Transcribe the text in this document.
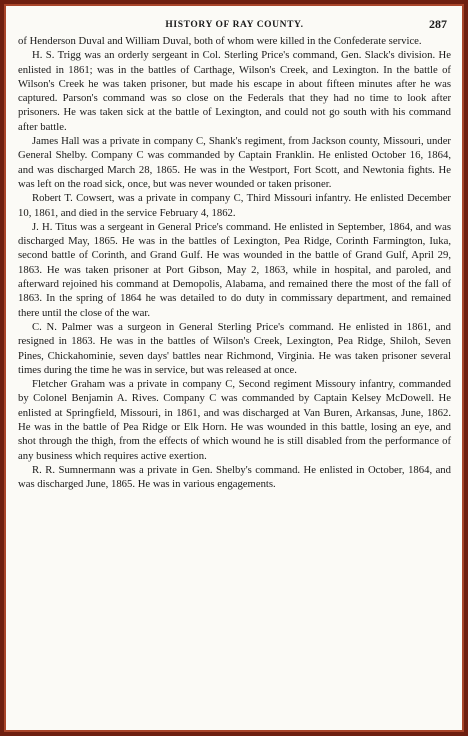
HISTORY OF RAY COUNTY.	287

of Henderson Duval and William Duval, both of whom were killed in the Confederate service.

H. S. Trigg was an orderly sergeant in Col. Sterling Price's command, Gen. Slack's division. He enlisted in 1861; was in the battles of Carthage, Wilson's Creek, and Lexington. In the battle of Wilson's Creek he was taken prisoner, but made his escape in about fifteen minutes after he was captured. Parson's command was so close on the Federals that they had no time to look after prisoners. He was taken sick at the battle of Lexington, and could not go south with his command after battle.

James Hall was a private in company C, Shank's regiment, from Jackson county, Missouri, under General Shelby. Company C was commanded by Captain Franklin. He enlisted October 16, 1864, and was discharged March 28, 1865. He was in the Westport, Fort Scott, and Newtonia fights. He was left on the road sick, once, but was never wounded or taken prisoner.

Robert T. Cowsert, was a private in company C, Third Missouri infantry. He enlisted December 10, 1861, and died in the service February 4, 1862.

J. H. Titus was a sergeant in General Price's command. He enlisted in September, 1864, and was discharged May, 1865. He was in the battles of Lexington, Pea Ridge, Corinth Farmington, Iuka, second battle of Corinth, and Grand Gulf. He was wounded in the battle of Grand Gulf, April 29, 1863. He was taken prisoner at Port Gibson, May 2, 1863, while in hospital, and paroled, and afterward rejoined his command at Demopolis, Alabama, and remained there the most of the fall of 1863. In the spring of 1864 he was detailed to do duty in commissary department, and remained there until the close of the war.

C. N. Palmer was a surgeon in General Sterling Price's command. He enlisted in 1861, and resigned in 1863. He was in the battles of Wilson's Creek, Lexington, Pea Ridge, Shiloh, Seven Pines, Chickahominie, seven days' battles near Richmond, Virginia. He was taken prisoner several times during the time he was in service, but was released at once.

Fletcher Graham was a private in company C, Second regiment Missoury infantry, commanded by Colonel Benjamin A. Rives. Company C was commanded by Captain Kelsey McDowell. He enlisted at Springfield, Missouri, in 1861, and was discharged at Van Buren, Arkansas, June, 1862. He was in the battle of Pea Ridge or Elk Horn. He was wounded in this battle, losing an eye, and shot through the thigh, from the effects of which wound he is still disabled from the performance of any business which requires active exertion.

R. R. Sumnermann was a private in Gen. Shelby's command. He enlisted in October, 1864, and was discharged June, 1865. He was in various engagements.
